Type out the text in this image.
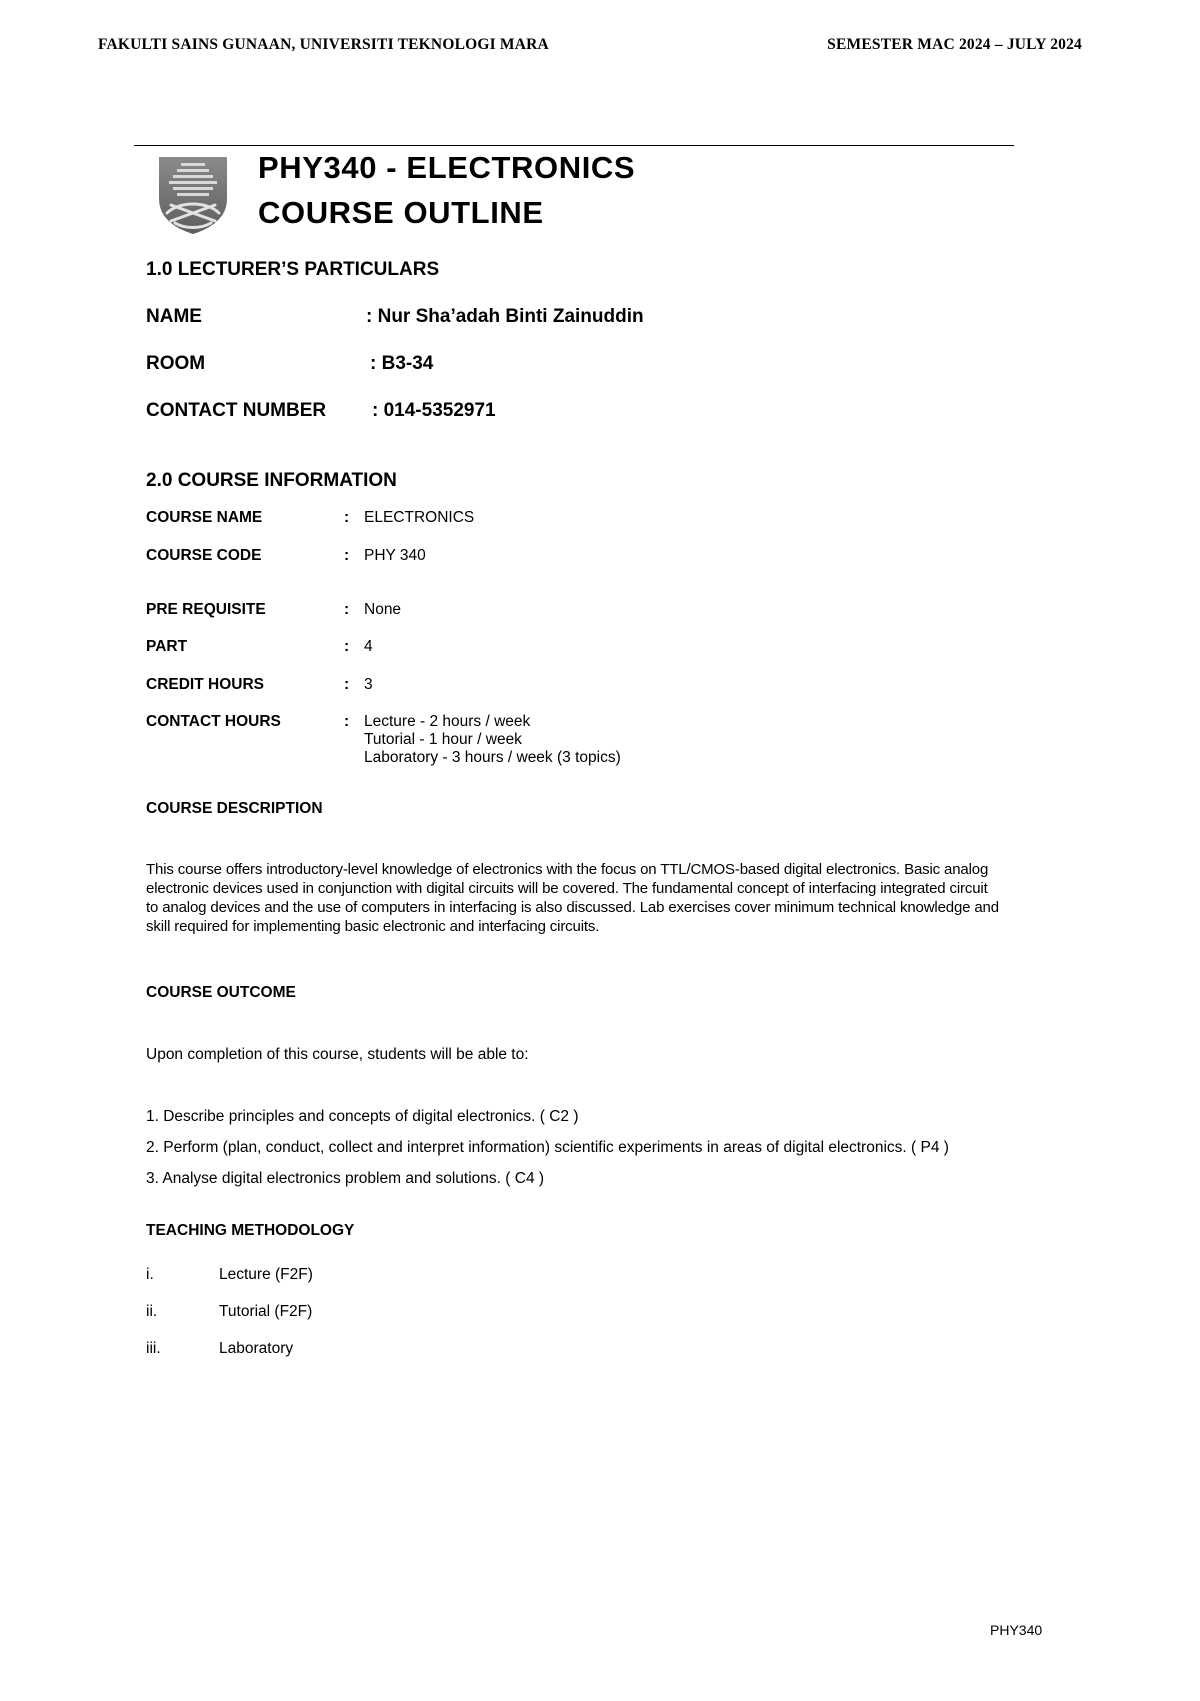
FAKULTI SAINS GUNAAN, UNIVERSITI TEKNOLOGI MARA	SEMESTER MAC 2024 – JULY 2024
PHY340 - ELECTRONICS
COURSE OUTLINE
1.0 LECTURER’S PARTICULARS
NAME	: Nur Sha’adah Binti Zainuddin
ROOM	: B3-34
CONTACT NUMBER : 014-5352971
2.0 COURSE INFORMATION
COURSE NAME	: ELECTRONICS
COURSE CODE	: PHY 340
PRE REQUISITE	: None
PART	: 4
CREDIT HOURS	: 3
CONTACT HOURS	: Lecture - 2 hours / week
Tutorial - 1 hour / week
Laboratory - 3 hours / week (3 topics)
COURSE DESCRIPTION
This course offers introductory-level knowledge of electronics with the focus on TTL/CMOS-based digital electronics. Basic analog
electronic devices used in conjunction with digital circuits will be covered. The fundamental concept of interfacing integrated circuit
to analog devices and the use of computers in interfacing is also discussed. Lab exercises cover minimum technical knowledge and
skill required for implementing basic electronic and interfacing circuits.
COURSE OUTCOME
Upon completion of this course, students will be able to:
1. Describe principles and concepts of digital electronics. ( C2 )
2. Perform (plan, conduct, collect and interpret information) scientific experiments in areas of digital electronics. ( P4 )
3. Analyse digital electronics problem and solutions. ( C4 )
TEACHING METHODOLOGY
i.	Lecture (F2F)
ii.	Tutorial (F2F)
iii.	Laboratory
PHY340
